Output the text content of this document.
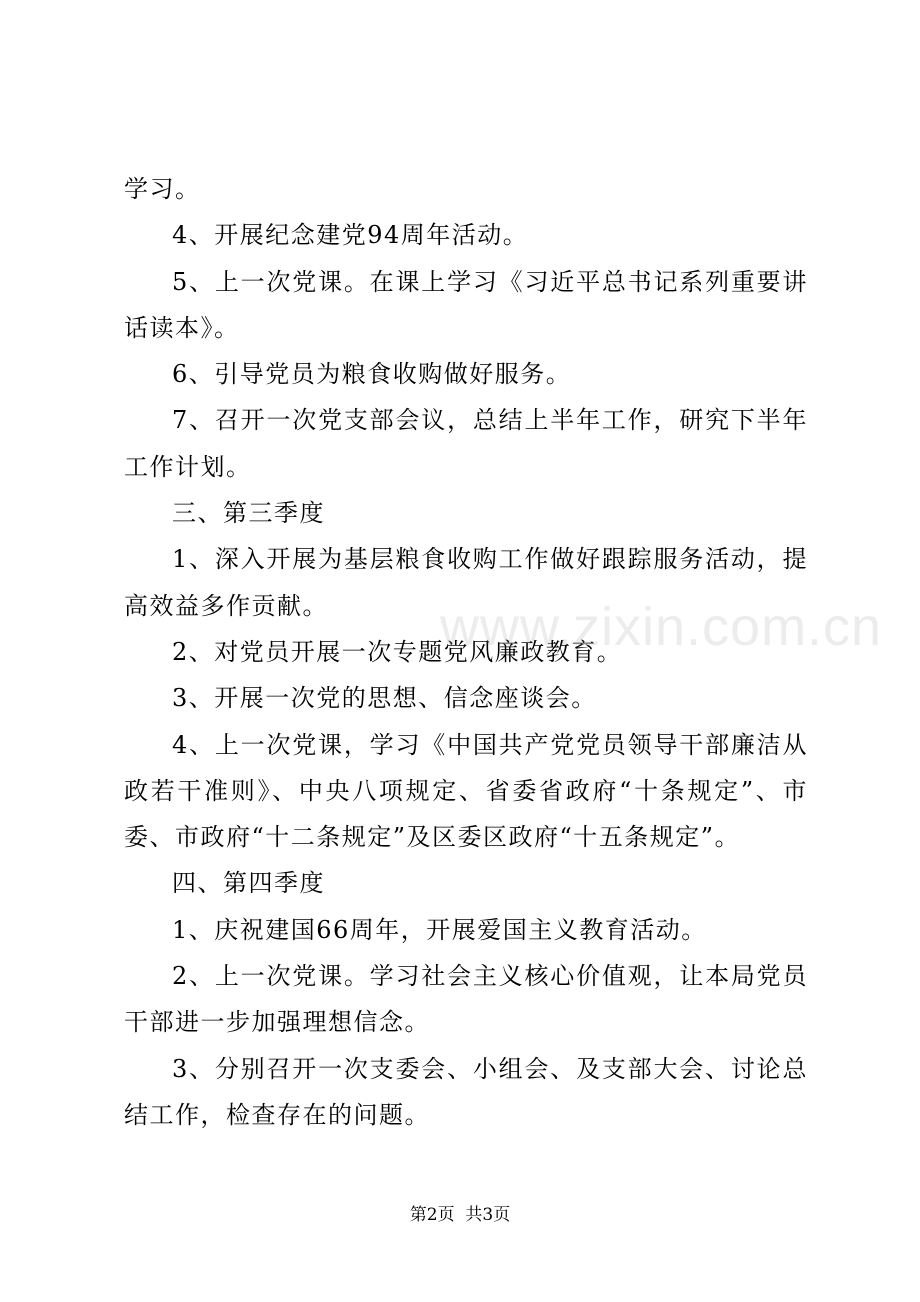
学习。

4、开展纪念建党94周年活动。

5、上一次党课。在课上学习《习近平总书记系列重要讲话读本》。

6、引导党员为粮食收购做好服务。

7、召开一次党支部会议，总结上半年工作，研究下半年工作计划。

三、第三季度

1、深入开展为基层粮食收购工作做好跟踪服务活动，提高效益多作贡献。

2、对党员开展一次专题党风廉政教育。

3、开展一次党的思想、信念座谈会。

4、上一次党课，学习《中国共产党党员领导干部廉洁从政若干准则》、中央八项规定、省委省政府“十条规定”、市委、市政府“十二条规定”及区委区政府“十五条规定”。

四、第四季度

1、庆祝建国66周年，开展爱国主义教育活动。

2、上一次党课。学习社会主义核心价值观，让本局党员干部进一步加强理想信念。

3、分别召开一次支委会、小组会、及支部大会、讨论总结工作，检查存在的问题。

www.zixin.com.cn
第2页  共3页
